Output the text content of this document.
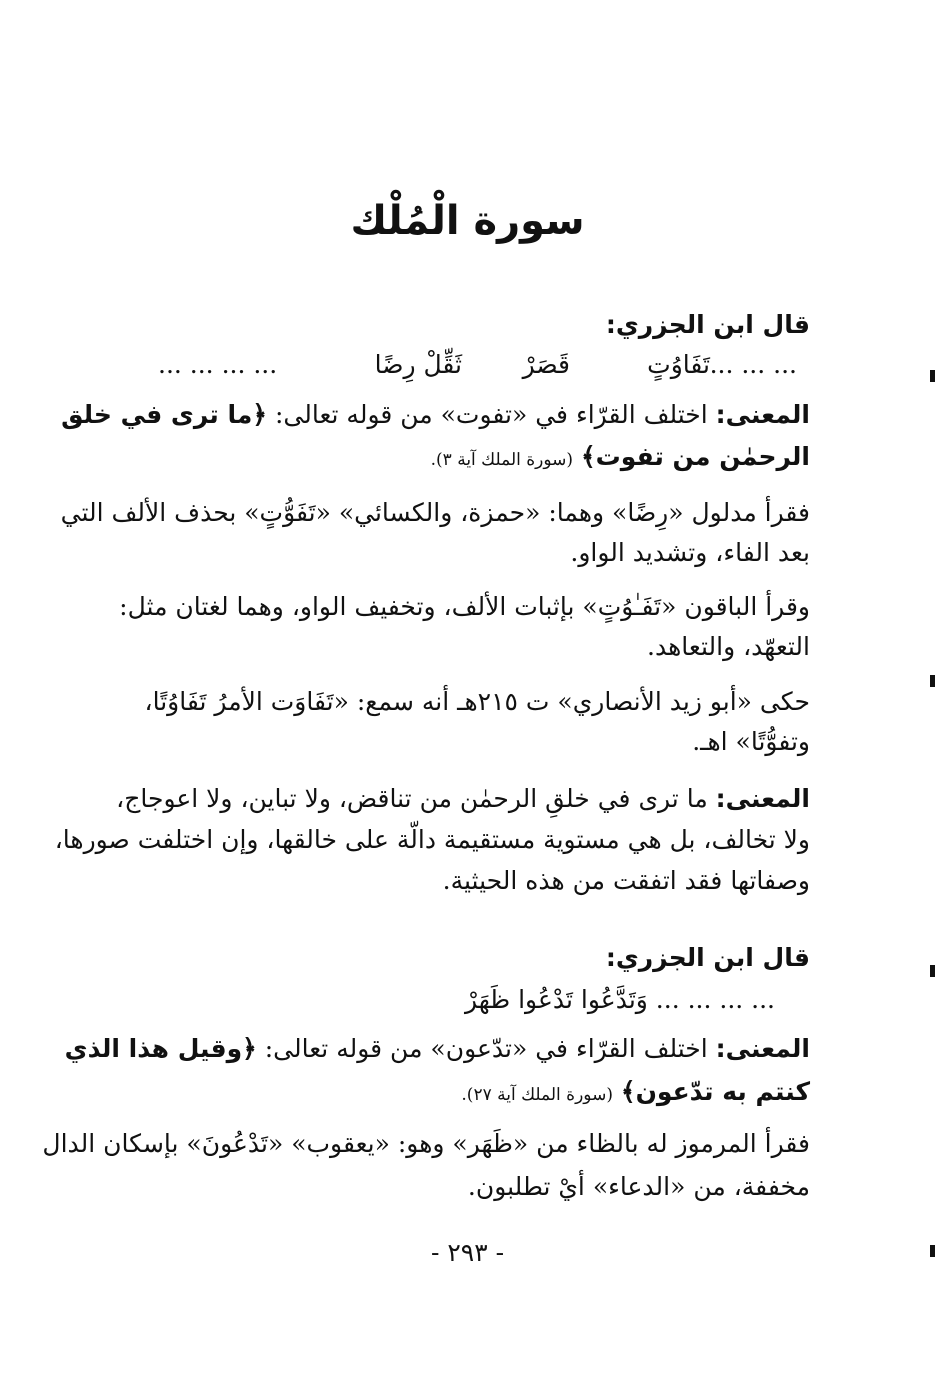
سورة الْمُلْك
قال ابن الجزري:
... ... ...
تَفَاوُتٍ
قَصَرْ
ثَقِّلْ رِضًا
... ... ... ...
المعنى: اختلف القرّاء في «تفوت» من قوله تعالى: ﴿ما ترى في خلق
الرحمٰن من تفوت﴾ (سورة الملك آية ٣).
فقرأ مدلول «رِضًا» وهما: «حمزة، والكسائي» «تَفَوُّتٍ» بحذف الألف التي
بعد الفاء، وتشديد الواو.
وقرأ الباقون «تَفَـٰوُتٍ» بإثبات الألف، وتخفيف الواو، وهما لغتان مثل:
التعهّد، والتعاهد.
حكى «أبو زيد الأنصاري» ت ٢١٥هـ أنه سمع: «تَفَاوَت الأمرُ تَفَاوُتًا،
وتفوُّتًا» اهـ.
المعنى: ما ترى في خلقِ الرحمٰن من تناقض، ولا تباين، ولا اعوجاج،
ولا تخالف، بل هي مستوية مستقيمة دالّة على خالقها، وإن اختلفت صورها،
وصفاتها فقد اتفقت من هذه الحيثية.
قال ابن الجزري:
... ... ... ... وَتَدَّعُوا تَدْعُوا ظَهَرْ
المعنى: اختلف القرّاء في «تدّعون» من قوله تعالى: ﴿وقيل هذا الذي
كنتم به تدّعون﴾ (سورة الملك آية ٢٧).
فقرأ المرموز له بالظاء من «ظَهَر» وهو: «يعقوب» «تَدْعُونَ» بإسكان الدال
مخففة، من «الدعاء» أيْ تطلبون.
- ٢٩٣ -
